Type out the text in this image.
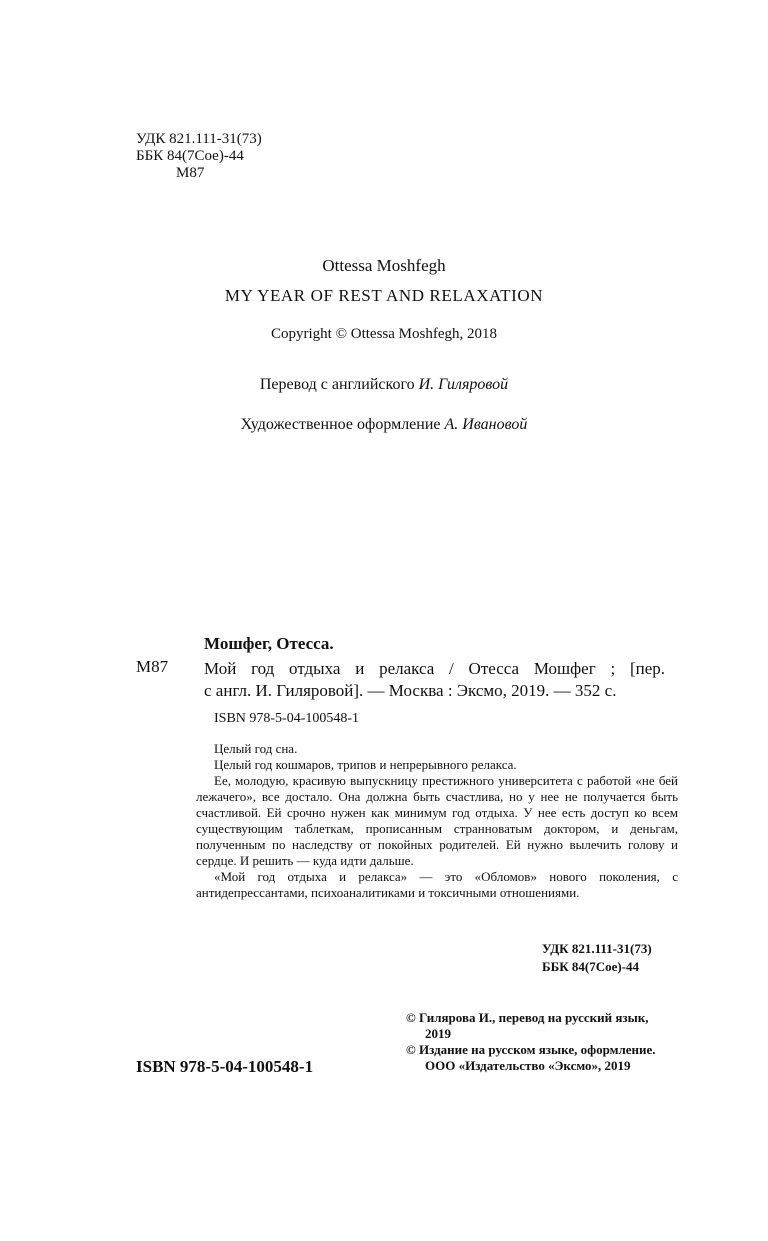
УДК 821.111-31(73)
ББК 84(7Сое)-44
М87
Ottessa Moshfegh
MY YEAR OF REST AND RELAXATION
Copyright © Ottessa Moshfegh, 2018
Перевод с английского И. Гиляровой
Художественное оформление А. Ивановой
Мошфег, Отесса.
М87 Мой год отдыха и релакса / Отесса Мошфег ; [пер.
с англ. И. Гиляровой]. — Москва : Эксмо, 2019. — 352 с.
ISBN 978-5-04-100548-1

Целый год сна.

Целый год кошмаров, трипов и непрерывного релакса.

Ее, молодую, красивую выпускницу престижного университета с работой «не бей лежачего», все достало. Она должна быть счастлива, но у нее не получается быть счастливой. Ей срочно нужен как минимум год отдыха. У нее есть доступ ко всем существующим таблеткам, прописанным странноватым доктором, и деньгам, полученным по наследству от покойных родителей. Ей нужно вылечить голову и сердце. И решить — куда идти дальше.

«Мой год отдыха и релакса» — это «Обломов» нового поколения, с антидепрессантами, психоаналитиками и токсичными отношениями.

УДК 821.111-31(73)
ББК 84(7Сое)-44
© Гилярова И., перевод на русский язык,
2019
© Издание на русском языке, оформление.
ООО «Издательство «Эксмо», 2019
ISBN 978-5-04-100548-1
